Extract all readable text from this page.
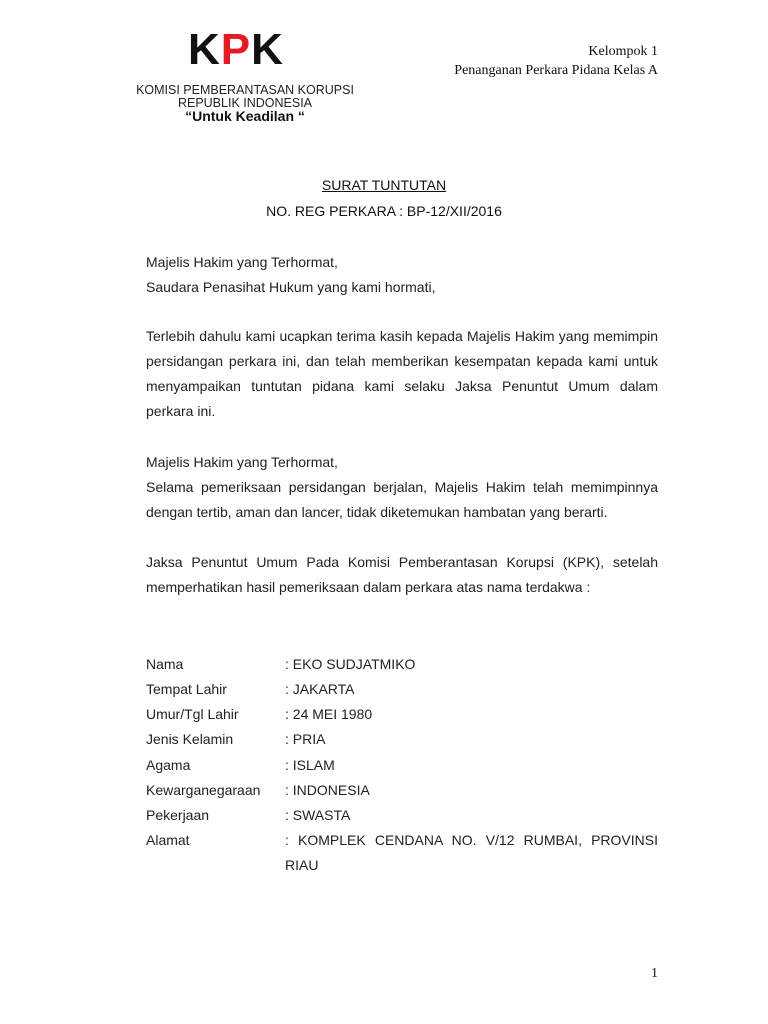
KPK
KOMISI PEMBERANTASAN KORUPSI
REPUBLIK INDONESIA
“Untuk Keadilan “
Kelompok 1
Penanganan Perkara Pidana Kelas A
SURAT TUNTUTAN
NO. REG PERKARA : BP-12/XII/2016
Majelis Hakim yang Terhormat,
Saudara Penasihat Hukum yang kami hormati,
Terlebih dahulu kami ucapkan terima kasih kepada Majelis Hakim yang memimpin persidangan perkara ini, dan telah memberikan kesempatan kepada kami untuk menyampaikan tuntutan pidana kami selaku Jaksa Penuntut Umum dalam perkara ini.
Majelis Hakim yang Terhormat,
Selama pemeriksaan persidangan berjalan, Majelis Hakim telah memimpinnya dengan tertib, aman dan lancer, tidak diketemukan hambatan yang berarti.
Jaksa Penuntut Umum Pada Komisi Pemberantasan Korupsi (KPK), setelah memperhatikan hasil pemeriksaan dalam perkara atas nama terdakwa :
Nama	: EKO SUDJATMIKO
Tempat Lahir	: JAKARTA
Umur/Tgl Lahir	: 24 MEI 1980
Jenis Kelamin	: PRIA
Agama	: ISLAM
Kewarganegaraan : INDONESIA
Pekerjaan	: SWASTA
Alamat	: KOMPLEK CENDANA NO. V/12 RUMBAI, PROVINSI RIAU
1
